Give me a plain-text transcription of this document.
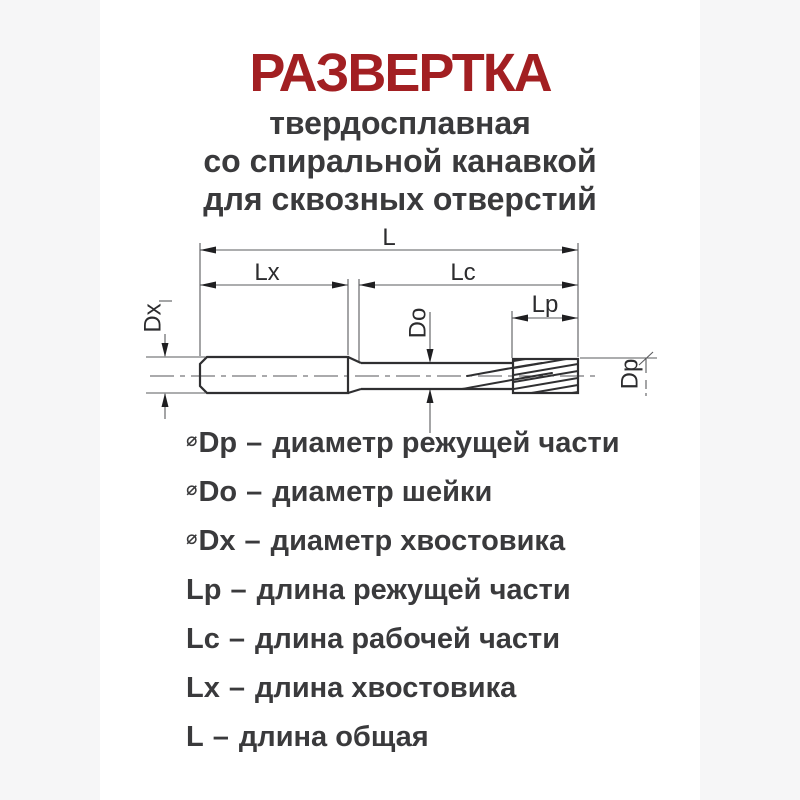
РАЗВЕРТКА
твердосплавная
со спиральной канавкой
для сквозных отверстий
L
Lx	Lc
Lp
Dx	Do
Dp
⌀Dp – диаметр режущей части
⌀Do – диаметр шейки
⌀Dx – диаметр хвостовика
Lp – длина режущей части
Lc – длина рабочей части
Lx – длина хвостовика
L – длина общая
